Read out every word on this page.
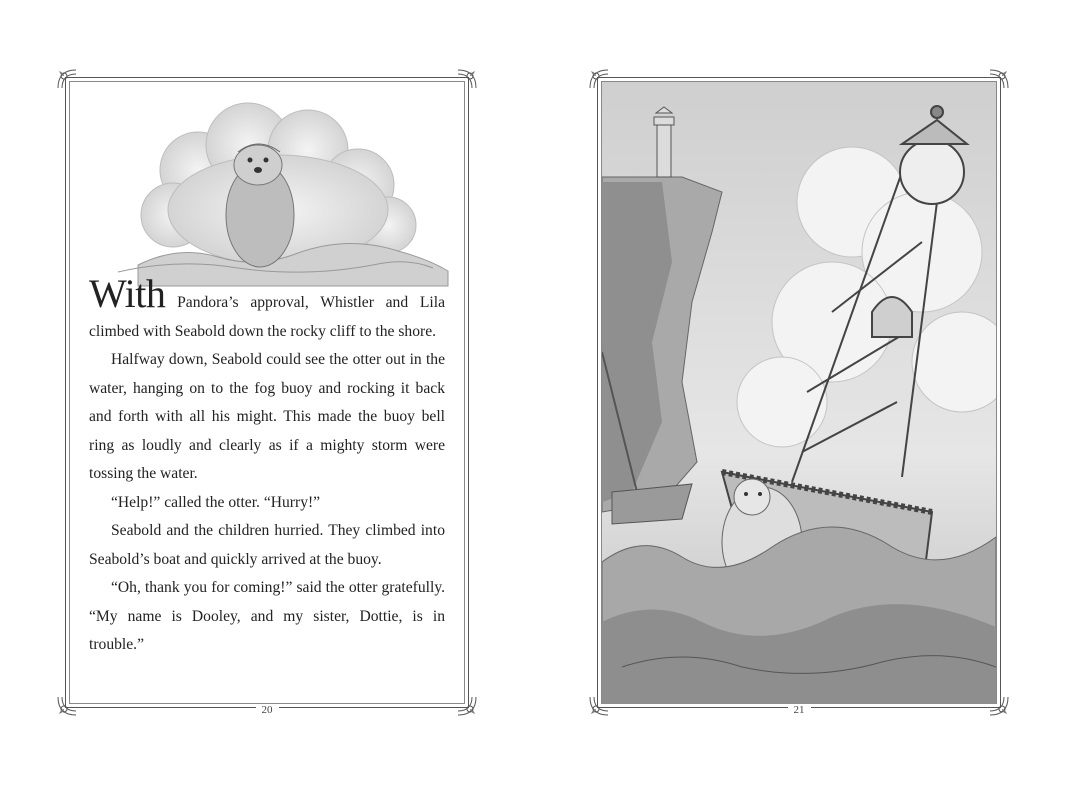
With Pandora’s approval, Whistler and Lila climbed with Seabold down the rocky cliff to the shore.

Halfway down, Seabold could see the otter out in the water, hanging on to the fog buoy and rocking it back and forth with all his might. This made the buoy bell ring as loudly and clearly as if a mighty storm were tossing the water.

“Help!” called the otter. “Hurry!”

Seabold and the children hurried. They climbed into Seabold’s boat and quickly arrived at the buoy.

“Oh, thank you for coming!” said the otter gratefully. “My name is Dooley, and my sister, Dottie, is in trouble.”

20	21
